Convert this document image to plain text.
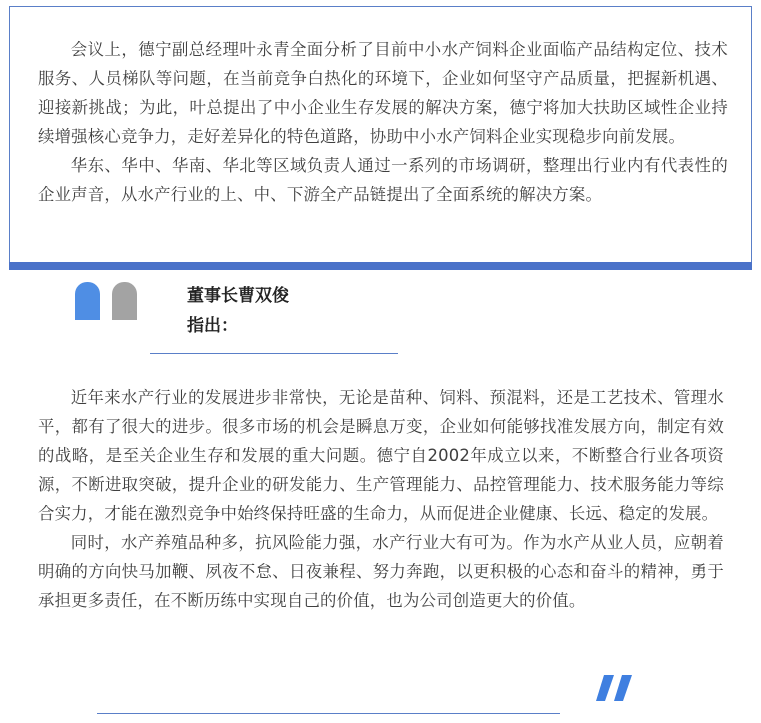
会议上，德宁副总经理叶永青全面分析了目前中小水产饲料企业面临产品结构定位、技术服务、人员梯队等问题，在当前竞争白热化的环境下，企业如何坚守产品质量，把握新机遇、迎接新挑战；为此，叶总提出了中小企业生存发展的解决方案，德宁将加大扶助区域性企业持续增强核心竞争力，走好差异化的特色道路，协助中小水产饲料企业实现稳步向前发展。

华东、华中、华南、华北等区域负责人通过一系列的市场调研，整理出行业内有代表性的企业声音，从水产行业的上、中、下游全产品链提出了全面系统的解决方案。

董事长曹双俊
指出：

近年来水产行业的发展进步非常快，无论是苗种、饲料、预混料，还是工艺技术、管理水平，都有了很大的进步。很多市场的机会是瞬息万变，企业如何能够找准发展方向，制定有效的战略，是至关企业生存和发展的重大问题。德宁自2002年成立以来，不断整合行业各项资源，不断进取突破，提升企业的研发能力、生产管理能力、品控管理能力、技术服务能力等综合实力，才能在激烈竞争中始终保持旺盛的生命力，从而促进企业健康、长远、稳定的发展。

同时，水产养殖品种多，抗风险能力强，水产行业大有可为。作为水产从业人员，应朝着明确的方向快马加鞭、夙夜不怠、日夜兼程、努力奔跑，以更积极的心态和奋斗的精神，勇于承担更多责任，在不断历练中实现自己的价值，也为公司创造更大的价值。
